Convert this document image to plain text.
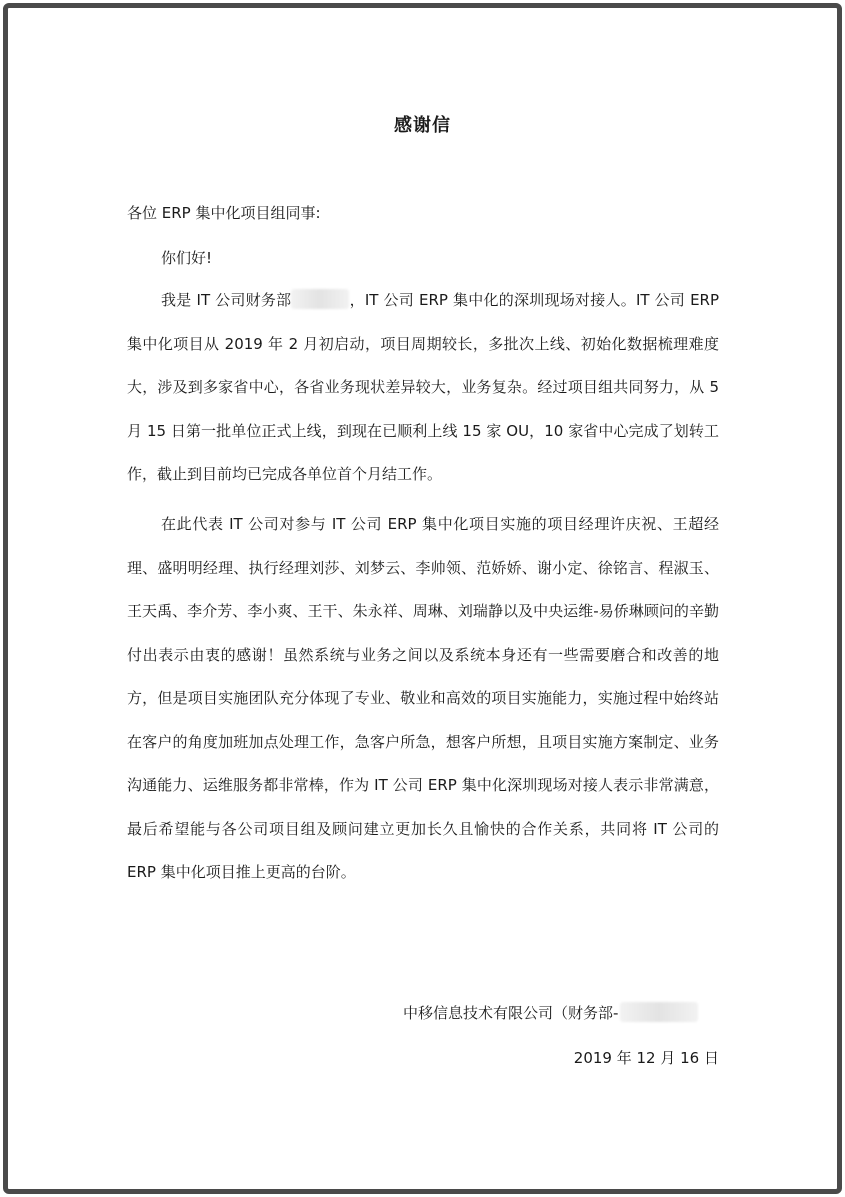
感谢信
各位 ERP 集中化项目组同事:
你们好!

我是 IT 公司财务部	，IT 公司 ERP 集中化的深圳现场对接人。IT 公司 ERP 集中化项目从 2019 年 2 月初启动，项目周期较长，多批次上线、初始化数据梳理难度大，涉及到多家省中心，各省业务现状差异较大，业务复杂。经过项目组共同努力，从 5 月 15 日第一批单位正式上线，到现在已顺利上线 15 家 OU，10 家省中心完成了划转工作，截止到目前均已完成各单位首个月结工作。

在此代表 IT 公司对参与 IT 公司 ERP 集中化项目实施的项目经理许庆祝、王超经理、盛明明经理、执行经理刘莎、刘梦云、李帅领、范娇娇、谢小定、徐铭言、程淑玉、王天禹、李介芳、李小爽、王干、朱永祥、周琳、刘瑞静以及中央运维-易侨琳顾问的辛勤付出表示由衷的感谢！虽然系统与业务之间以及系统本身还有一些需要磨合和改善的地方，但是项目实施团队充分体现了专业、敬业和高效的项目实施能力，实施过程中始终站在客户的角度加班加点处理工作，急客户所急，想客户所想，且项目实施方案制定、业务沟通能力、运维服务都非常棒，作为 IT 公司 ERP 集中化深圳现场对接人表示非常满意，最后希望能与各公司项目组及顾问建立更加长久且愉快的合作关系，共同将 IT 公司的 ERP 集中化项目推上更高的台阶。

中移信息技术有限公司（财务部-
2019 年 12 月 16 日
